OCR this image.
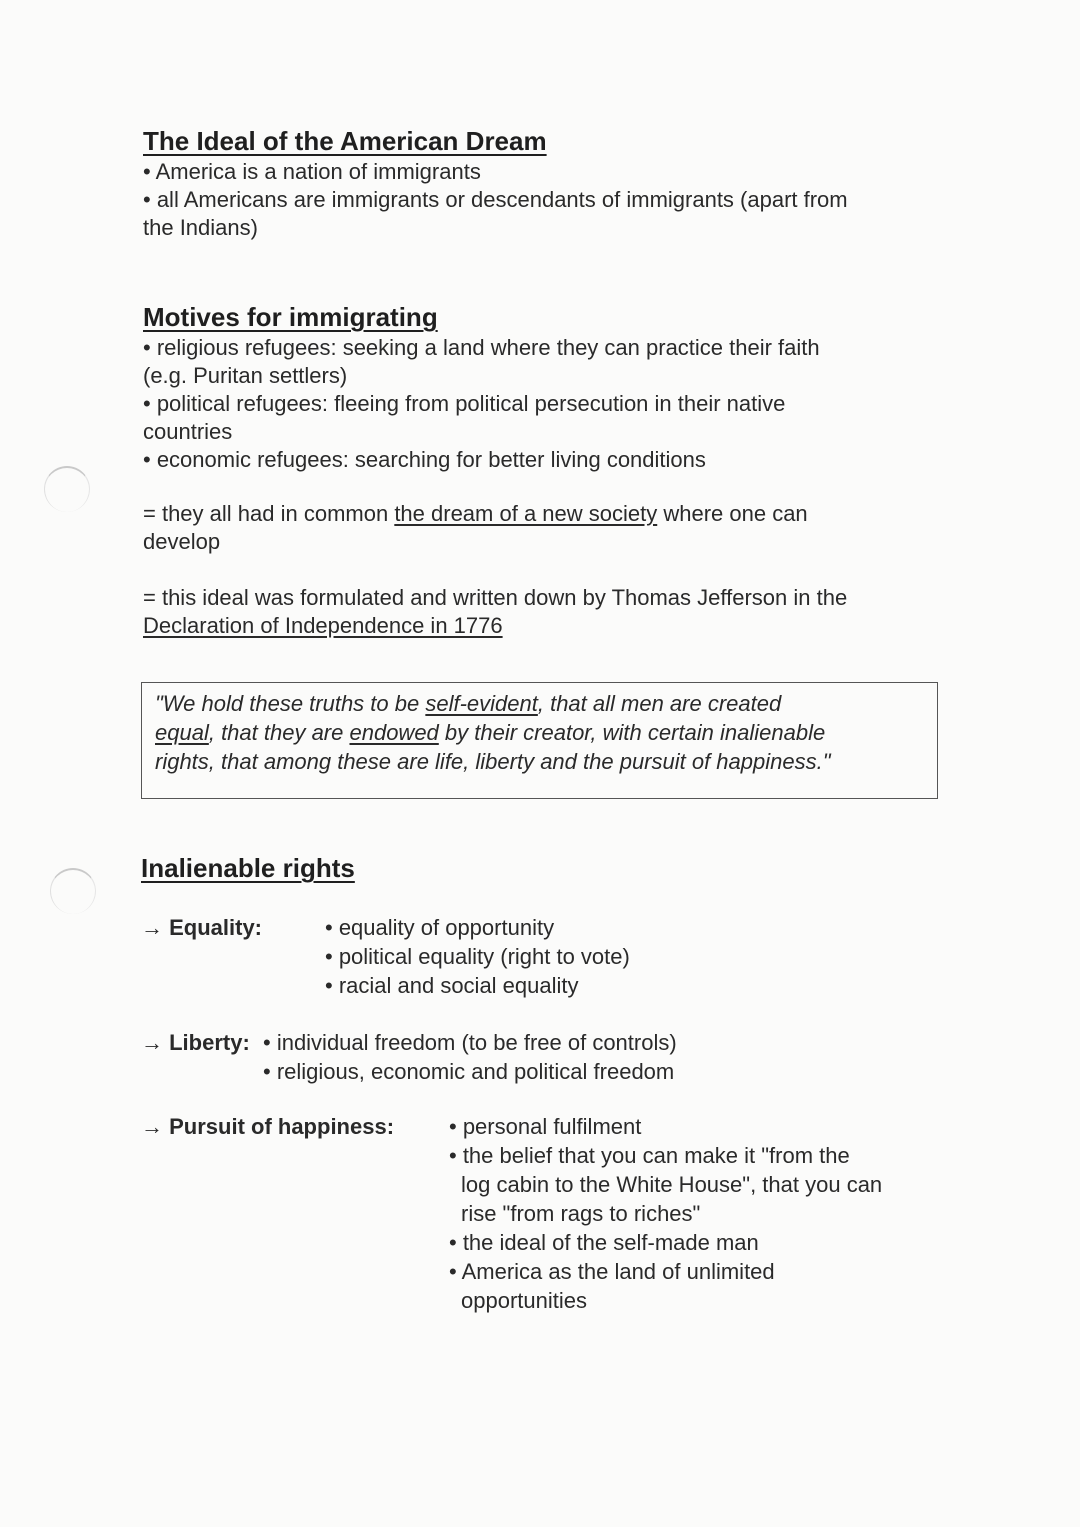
The Ideal of the American Dream

• America is a nation of immigrants

• all Americans are immigrants or descendants of immigrants (apart from

the Indians)

Motives for immigrating

• religious refugees: seeking a land where they can practice their faith

(e.g. Puritan settlers)

• political refugees: fleeing from political persecution in their native

countries

• economic refugees: searching for better living conditions

= they all had in common the dream of a new society where one can

develop

= this ideal was formulated and written down by Thomas Jefferson in the

Declaration of Independence in 1776

"We hold these truths to be self-evident, that all men are created
equal, that they are endowed by their creator, with certain inalienable
rights, that among these are life, liberty and the pursuit of happiness."
Inalienable rights
→ Equality:	• equality of opportunity
• political equality (right to vote)
• racial and social equality
→ Liberty: • individual freedom (to be free of controls)
• religious, economic and political freedom
→ Pursuit of happiness:	• personal fulfilment
• the belief that you can make it "from the
log cabin to the White House", that you can
rise "from rags to riches"
• the ideal of the self-made man
• America as the land of unlimited
opportunities
